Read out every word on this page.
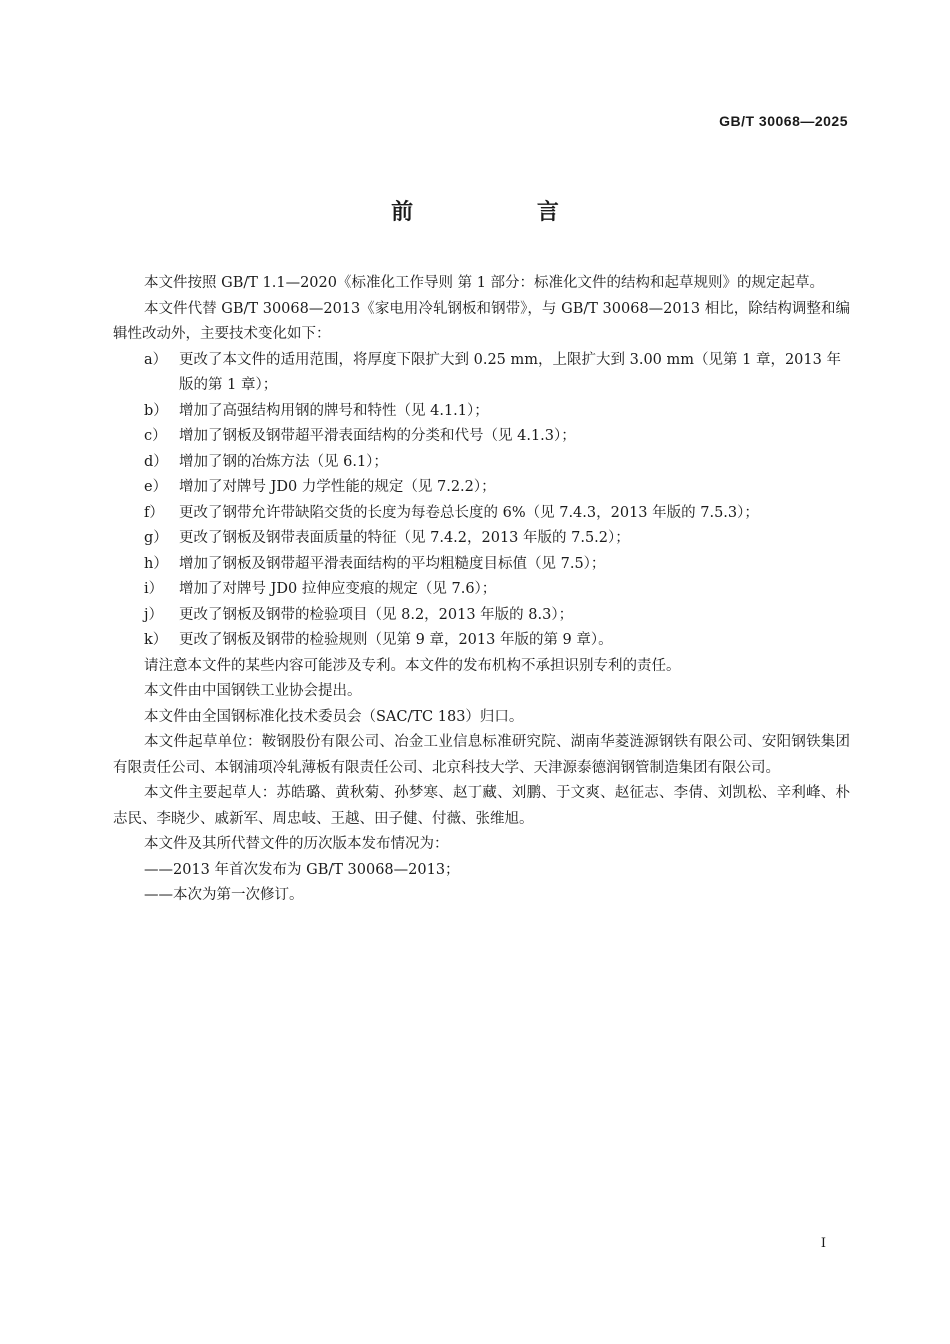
GB/T 30068—2025
前 言

本文件按照 GB/T 1.1—2020《标准化工作导则 第 1 部分：标准化文件的结构和起草规则》的规定起草。

本文件代替 GB/T 30068—2013《家电用冷轧钢板和钢带》，与 GB/T 30068—2013 相比，除结构调整和编辑性改动外，主要技术变化如下：

a） 更改了本文件的适用范围，将厚度下限扩大到 0.25 mm，上限扩大到 3.00 mm（见第 1 章，2013 年版的第 1 章）；
b） 增加了高强结构用钢的牌号和特性（见 4.1.1）；
c） 增加了钢板及钢带超平滑表面结构的分类和代号（见 4.1.3）；
d） 增加了钢的冶炼方法（见 6.1）；
e） 增加了对牌号 JD0 力学性能的规定（见 7.2.2）；
f）	更改了钢带允许带缺陷交货的长度为每卷总长度的 6%（见 7.4.3，2013 年版的 7.5.3）；
g） 更改了钢板及钢带表面质量的特征（见 7.4.2，2013 年版的 7.5.2）；
h） 增加了钢板及钢带超平滑表面结构的平均粗糙度目标值（见 7.5）；
i）	增加了对牌号 JD0 拉伸应变痕的规定（见 7.6）；
j）	更改了钢板及钢带的检验项目（见 8.2，2013 年版的 8.3）；
k） 更改了钢板及钢带的检验规则（见第 9 章，2013 年版的第 9 章）。

请注意本文件的某些内容可能涉及专利。本文件的发布机构不承担识别专利的责任。

本文件由中国钢铁工业协会提出。

本文件由全国钢标准化技术委员会（SAC/TC 183）归口。

本文件起草单位：鞍钢股份有限公司、冶金工业信息标准研究院、湖南华菱涟源钢铁有限公司、安阳钢铁集团有限责任公司、本钢浦项冷轧薄板有限责任公司、北京科技大学、天津源泰德润钢管制造集团有限公司。

本文件主要起草人：苏皓璐、黄秋菊、孙梦寒、赵丁藏、刘鹏、于文爽、赵征志、李倩、刘凯松、辛利峰、朴志民、李晓少、戚新军、周忠岐、王越、田子健、付薇、张维旭。

本文件及其所代替文件的历次版本发布情况为：

——2013 年首次发布为 GB/T 30068—2013；

——本次为第一次修订。

I
